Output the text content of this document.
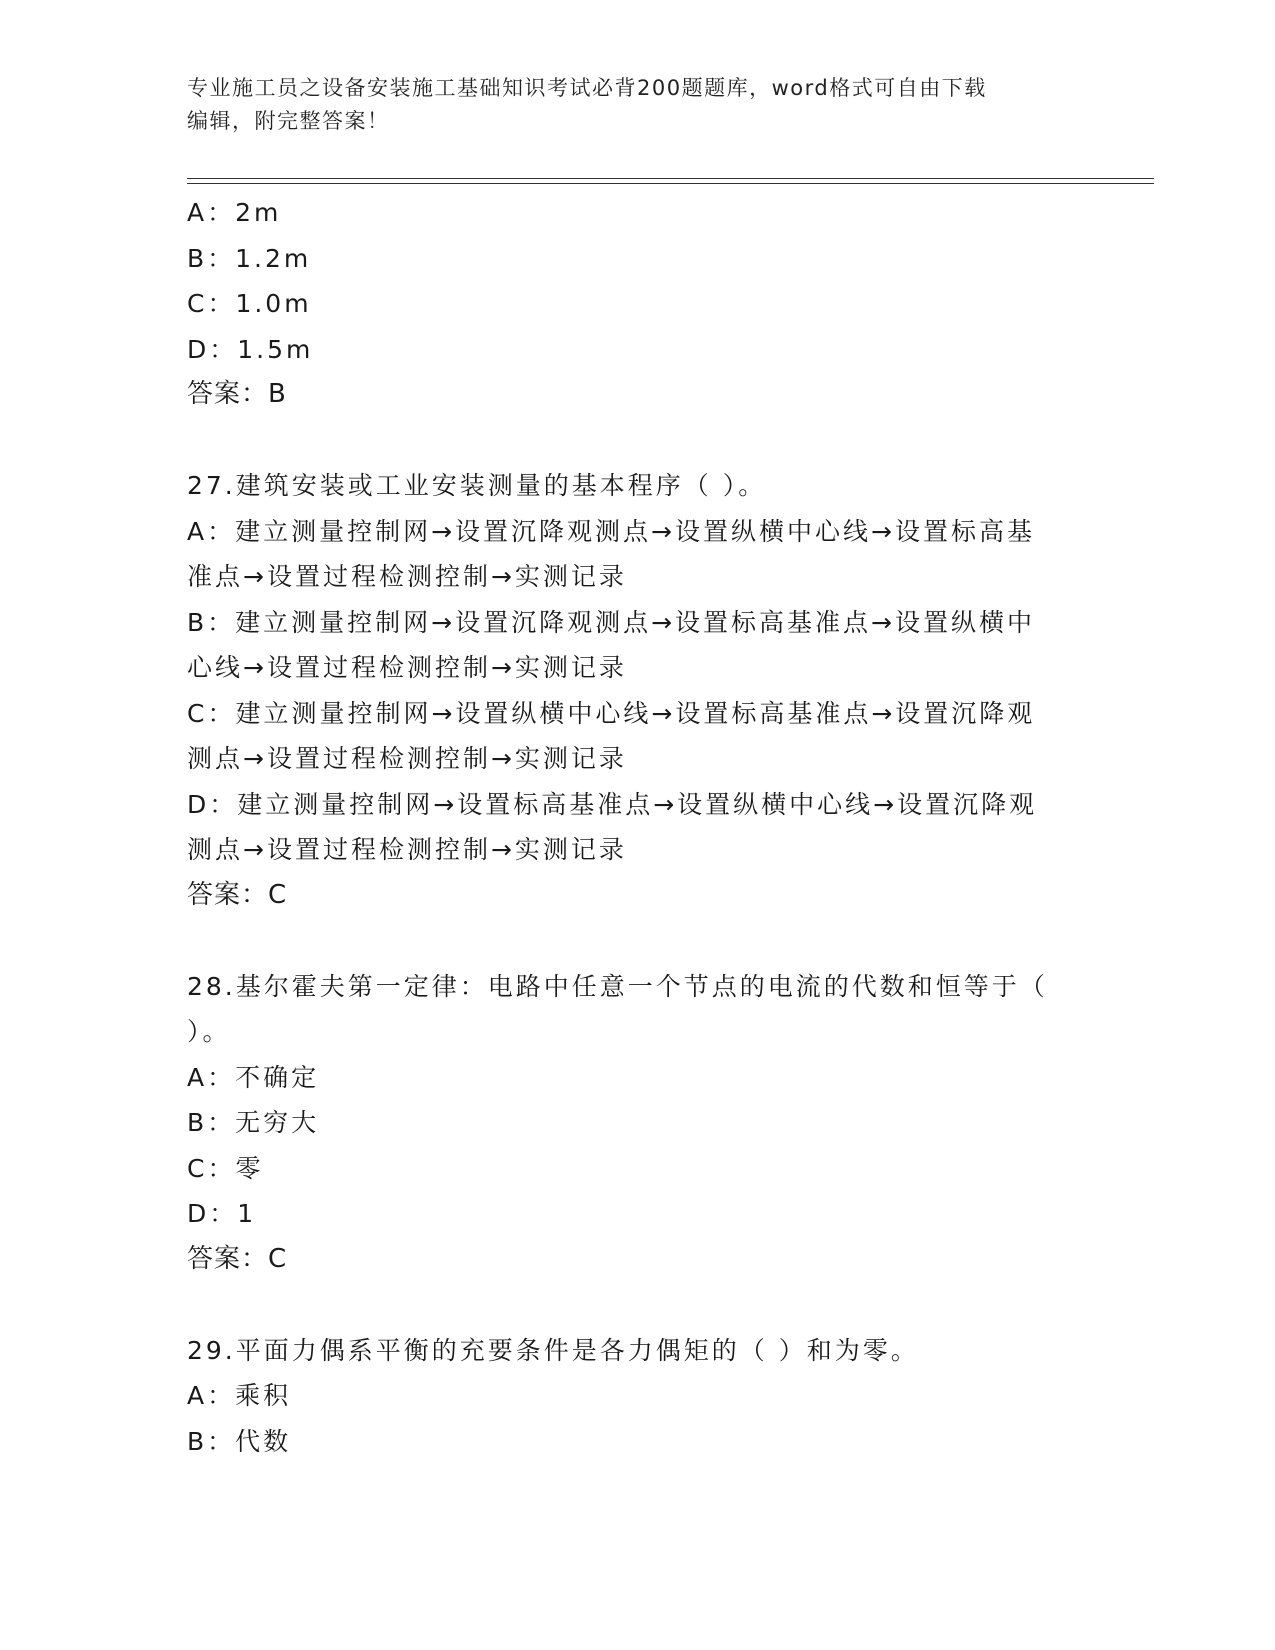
专业施工员之设备安装施工基础知识考试必背200题题库，word格式可自由下载
编辑，附完整答案！

A：2m

B：1.2m

C：1.0m

D：1.5m

答案：B

27.建筑安装或工业安装测量的基本程序（ ）。

A：建立测量控制网→设置沉降观测点→设置纵横中心线→设置标高基

准点→设置过程检测控制→实测记录

B：建立测量控制网→设置沉降观测点→设置标高基准点→设置纵横中

心线→设置过程检测控制→实测记录

C：建立测量控制网→设置纵横中心线→设置标高基准点→设置沉降观

测点→设置过程检测控制→实测记录

D：建立测量控制网→设置标高基准点→设置纵横中心线→设置沉降观

测点→设置过程检测控制→实测记录

答案：C

28.基尔霍夫第一定律：电路中任意一个节点的电流的代数和恒等于（

）。

A：不确定

B：无穷大

C：零

D：1

答案：C

29.平面力偶系平衡的充要条件是各力偶矩的（ ）和为零。

A：乘积

B：代数
